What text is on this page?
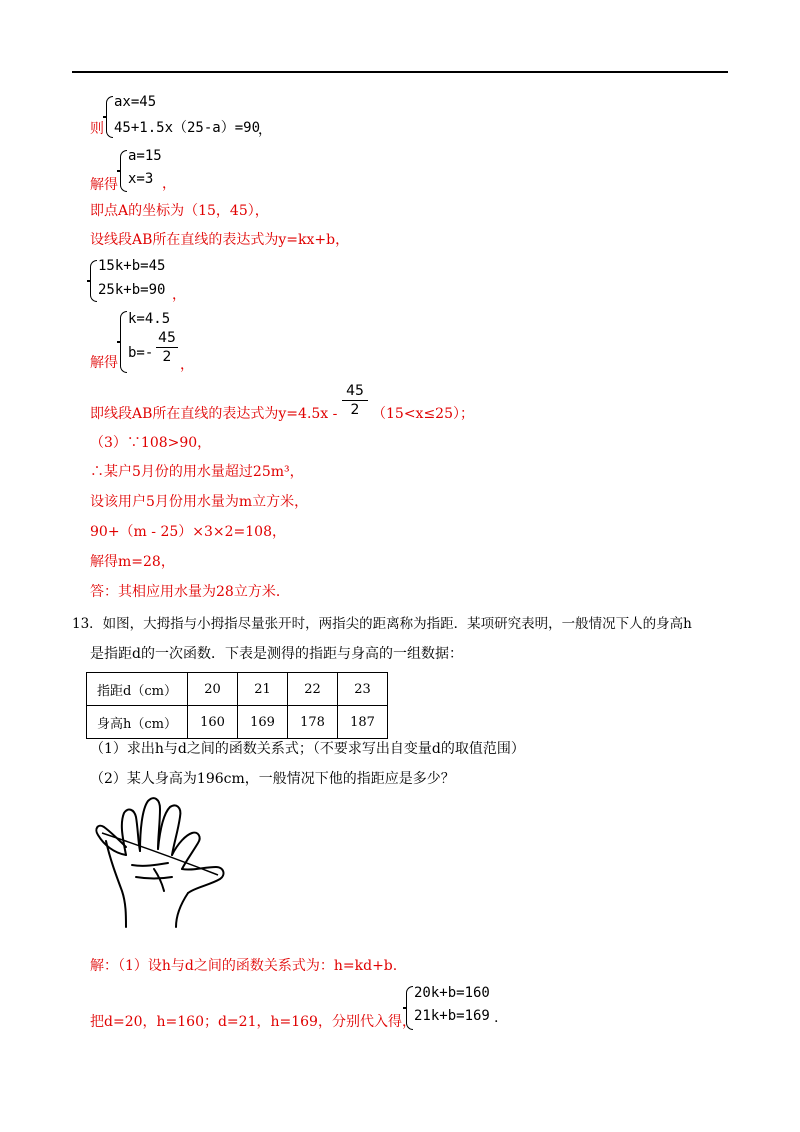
则
ax=45
45+1.5x（25-a）=90
，
解得
a=15
x=3 ，
即点A的坐标为（15，45），
设线段AB所在直线的表达式为y=kx+b，
15k+b=45
25k+b=90 ，
解得
k=4.5
b=-
45
2 ，
即线段AB所在直线的表达式为y=4.5x -
45
2 （15<x≤25）；
（3）∵108>90，
∴某户5月份的用水量超过25m³，
设该用户5月份用水量为m立方米，
90+（m - 25）×3×2=108，
解得m=28，
答：其相应用水量为28立方米．
13．如图，大拇指与小拇指尽量张开时，两指尖的距离称为指距．某项研究表明，一般情况下人的身高h
是指距d的一次函数．下表是测得的指距与身高的一组数据：
指距d（cm）	20	21	22	23
身高h（cm）	160	169	178	187
（1）求出h与d之间的函数关系式；（不要求写出自变量d的取值范围）
（2）某人身高为196cm，一般情况下他的指距应是多少？
解：（1）设h与d之间的函数关系式为：h=kd+b.
把d=20，h=160；d=21，h=169，分别代入得，
20k+b=160
21k+b=169 .
